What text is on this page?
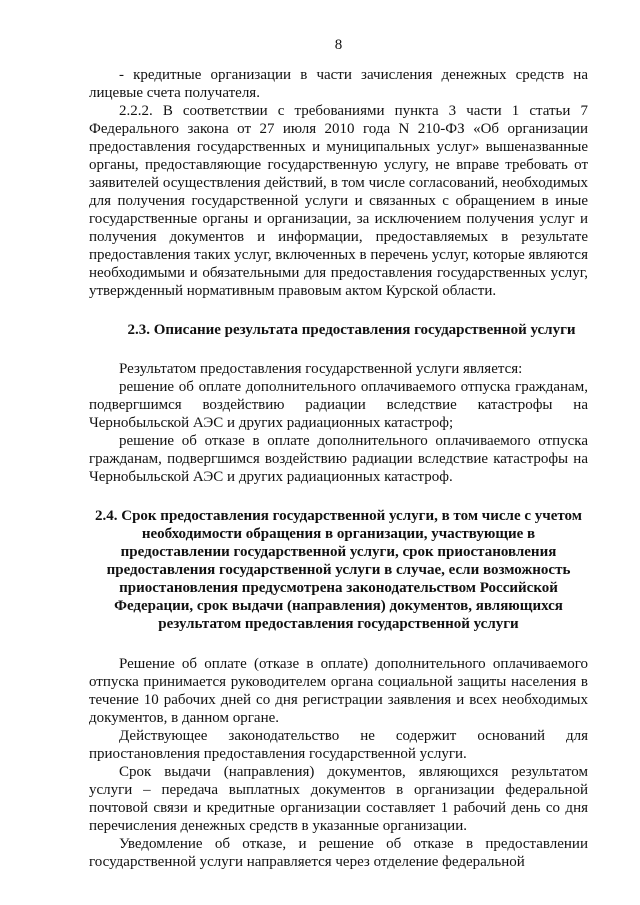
8

- кредитные организации в части зачисления денежных средств на лицевые счета получателя.

2.2.2. В соответствии с требованиями пункта 3 части 1 статьи 7 Федерального закона от 27 июля 2010 года N 210-ФЗ «Об организации предоставления государственных и муниципальных услуг» вышеназванные органы, предоставляющие государственную услугу, не вправе требовать от заявителей осуществления действий, в том числе согласований, необходимых для получения государственной услуги и связанных с обращением в иные государственные органы и организации, за исключением получения услуг и получения документов и информации, предоставляемых в результате предоставления таких услуг, включенных в перечень услуг, которые являются необходимыми и обязательными для предоставления государственных услуг, утвержденный нормативным правовым актом Курской области.

2.3. Описание результата предоставления государственной услуги

Результатом предоставления государственной услуги является:

решение об оплате дополнительного оплачиваемого отпуска гражданам, подвергшимся воздействию радиации вследствие катастрофы на Чернобыльской АЭС и других радиационных катастроф;

решение об отказе в оплате дополнительного оплачиваемого отпуска гражданам, подвергшимся воздействию радиации вследствие катастрофы на Чернобыльской АЭС и других радиационных катастроф.

2.4. Срок предоставления государственной услуги, в том числе с учетом необходимости обращения в организации, участвующие в предоставлении государственной услуги, срок приостановления предоставления государственной услуги в случае, если возможность приостановления предусмотрена законодательством Российской Федерации, срок выдачи (направления) документов, являющихся результатом предоставления государственной услуги

Решение об оплате (отказе в оплате) дополнительного оплачиваемого отпуска принимается руководителем органа социальной защиты населения в течение 10 рабочих дней со дня регистрации заявления и всех необходимых документов, в данном органе.

Действующее законодательство не содержит оснований для приостановления предоставления государственной услуги.

Срок выдачи (направления) документов, являющихся результатом услуги – передача выплатных документов в организации федеральной почтовой связи и кредитные организации составляет 1 рабочий день со дня перечисления денежных средств в указанные организации.

Уведомление об отказе, и решение об отказе в предоставлении государственной услуги направляется через отделение федеральной
